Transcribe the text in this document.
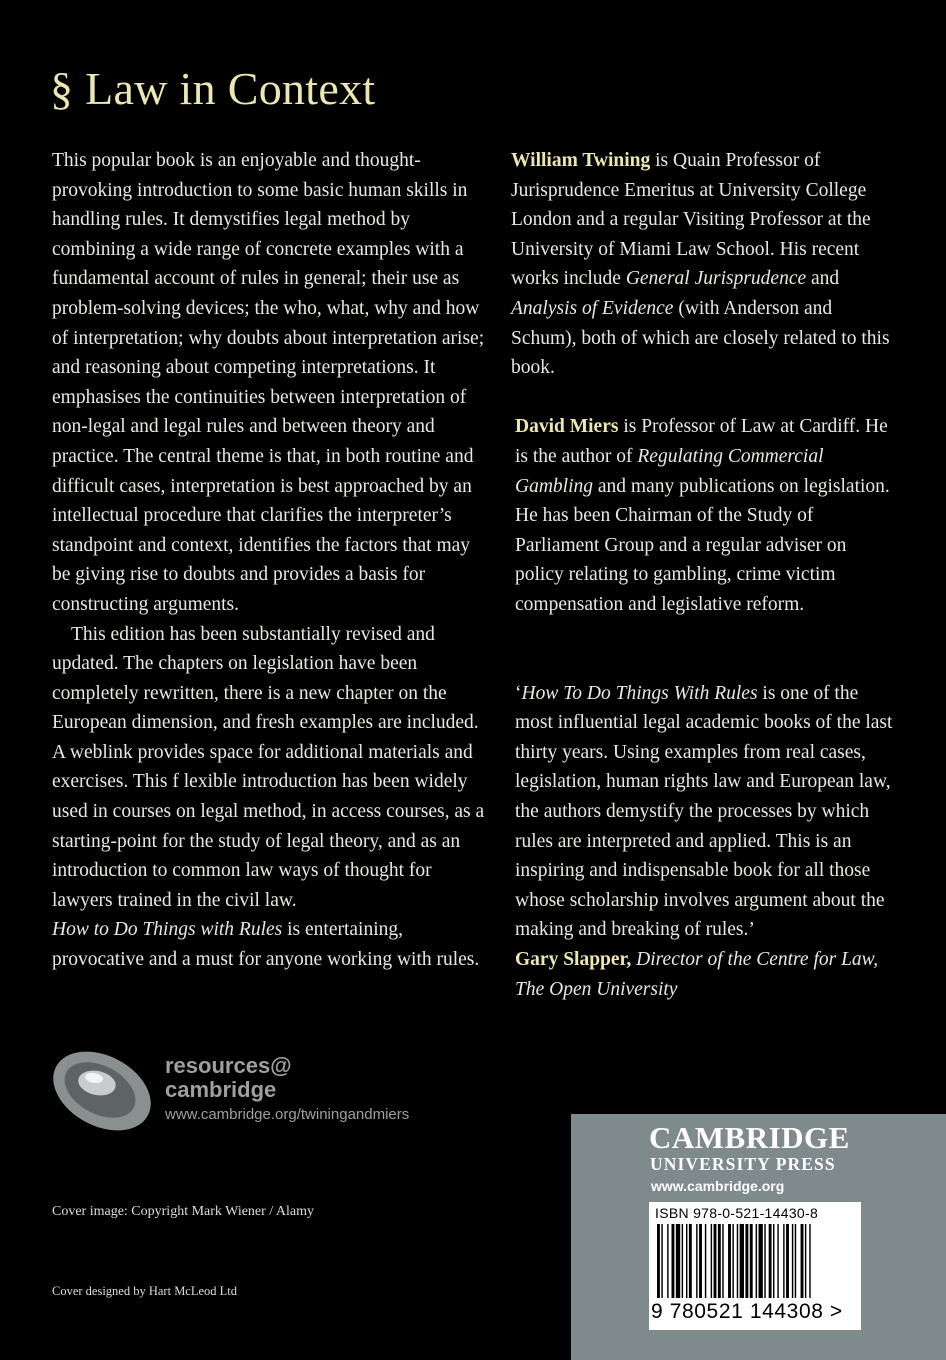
§ Law in Context

This popular book is an enjoyable and thought-provoking introduction to some basic human skills in handling rules. It demystifies legal method by combining a wide range of concrete examples with a fundamental account of rules in general; their use as problem-solving devices; the who, what, why and how of interpretation; why doubts about interpretation arise; and reasoning about competing interpretations. It emphasises the continuities between interpretation of non-legal and legal rules and between theory and practice. The central theme is that, in both routine and difficult cases, interpretation is best approached by an intellectual procedure that clarifies the interpreter’s standpoint and context, identifies the factors that may be giving rise to doubts and provides a basis for constructing arguments.

This edition has been substantially revised and updated. The chapters on legislation have been completely rewritten, there is a new chapter on the European dimension, and fresh examples are included. A weblink provides space for additional materials and exercises. This f lexible introduction has been widely used in courses on legal method, in access courses, as a starting-point for the study of legal theory, and as an introduction to common law ways of thought for lawyers trained in the civil law.

How to Do Things with Rules is entertaining, provocative and a must for anyone working with rules.

William Twining is Quain Professor of Jurisprudence Emeritus at University College London and a regular Visiting Professor at the University of Miami Law School. His recent works include General Jurisprudence and Analysis of Evidence (with Anderson and Schum), both of which are closely related to this book.

David Miers is Professor of Law at Cardiff. He is the author of Regulating Commercial Gambling and many publications on legislation. He has been Chairman of the Study of Parliament Group and a regular adviser on policy relating to gambling, crime victim compensation and legislative reform.

‘How To Do Things With Rules is one of the most influential legal academic books of the last thirty years. Using examples from real cases, legislation, human rights law and European law, the authors demystify the processes by which rules are interpreted and applied. This is an inspiring and indispensable book for all those whose scholarship involves argument about the making and breaking of rules.’
Gary Slapper, Director of the Centre for Law, The Open University

resources@
cambridge
www.cambridge.org/twiningandmiers
Cover image: Copyright Mark Wiener / Alamy
Cover designed by Hart McLeod Ltd
CAMBRIDGE
UNIVERSITY PRESS
www.cambridge.org
ISBN 978-0-521-14430-8
9 780521 144308 >
